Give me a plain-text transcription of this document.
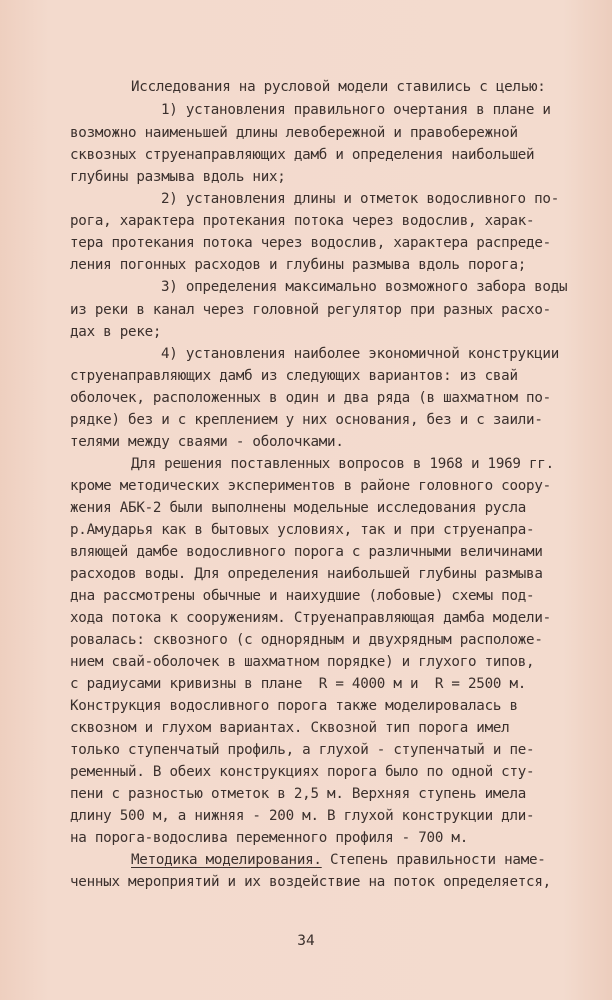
Исследования на русловой модели ставились с целью:
1) установления правильного очертания в плане и
возможно наименьшей длины левобережной и правобережной
сквозных струенаправляющих дамб и определения наибольшей
глубины размыва вдоль них;
2) установления длины и отметок водосливного по-
рога, характера протекания потока через водослив, харак-
тера протекания потока через водослив, характера распреде-
ления погонных расходов и глубины размыва вдоль порога;
3) определения максимально возможного забора воды
из реки в канал через головной регулятор при разных расхо-
дах в реке;
4) установления наиболее экономичной конструкции
струенаправляющих дамб из следующих вариантов: из свай
оболочек, расположенных в один и два ряда (в шахматном по-
рядке) без и с креплением у них основания, без и с заили-
телями между сваями - оболочками.
Для решения поставленных вопросов в 1968 и 1969 гг.
кроме методических экспериментов в районе головного соору-
жения АБК-2 были выполнены модельные исследования русла
р.Амударья как в бытовых условиях, так и при струенапра-
вляющей дамбе водосливного порога с различными величинами
расходов воды. Для определения наибольшей глубины размыва
дна рассмотрены обычные и наихудшие (лобовые) схемы под-
хода потока к сооружениям. Струенаправляющая дамба модели-
ровалась: сквозного (с однорядным и двухрядным расположе-
нием свай-оболочек в шахматном порядке) и глухого типов,
с радиусами кривизны в плане  R = 4000 м и  R = 2500 м.
Конструкция водосливного порога также моделировалась в
сквозном и глухом вариантах. Сквозной тип порога имел
только ступенчатый профиль, а глухой - ступенчатый и пе-
ременный. В обеих конструкциях порога было по одной сту-
пени с разностью отметок в 2,5 м. Верхняя ступень имела
длину 500 м, а нижняя - 200 м. В глухой конструкции дли-
на порога-водослива переменного профиля - 700 м.
Методика моделирования. Степень правильности наме-
ченных мероприятий и их воздействие на поток определяется,
34
